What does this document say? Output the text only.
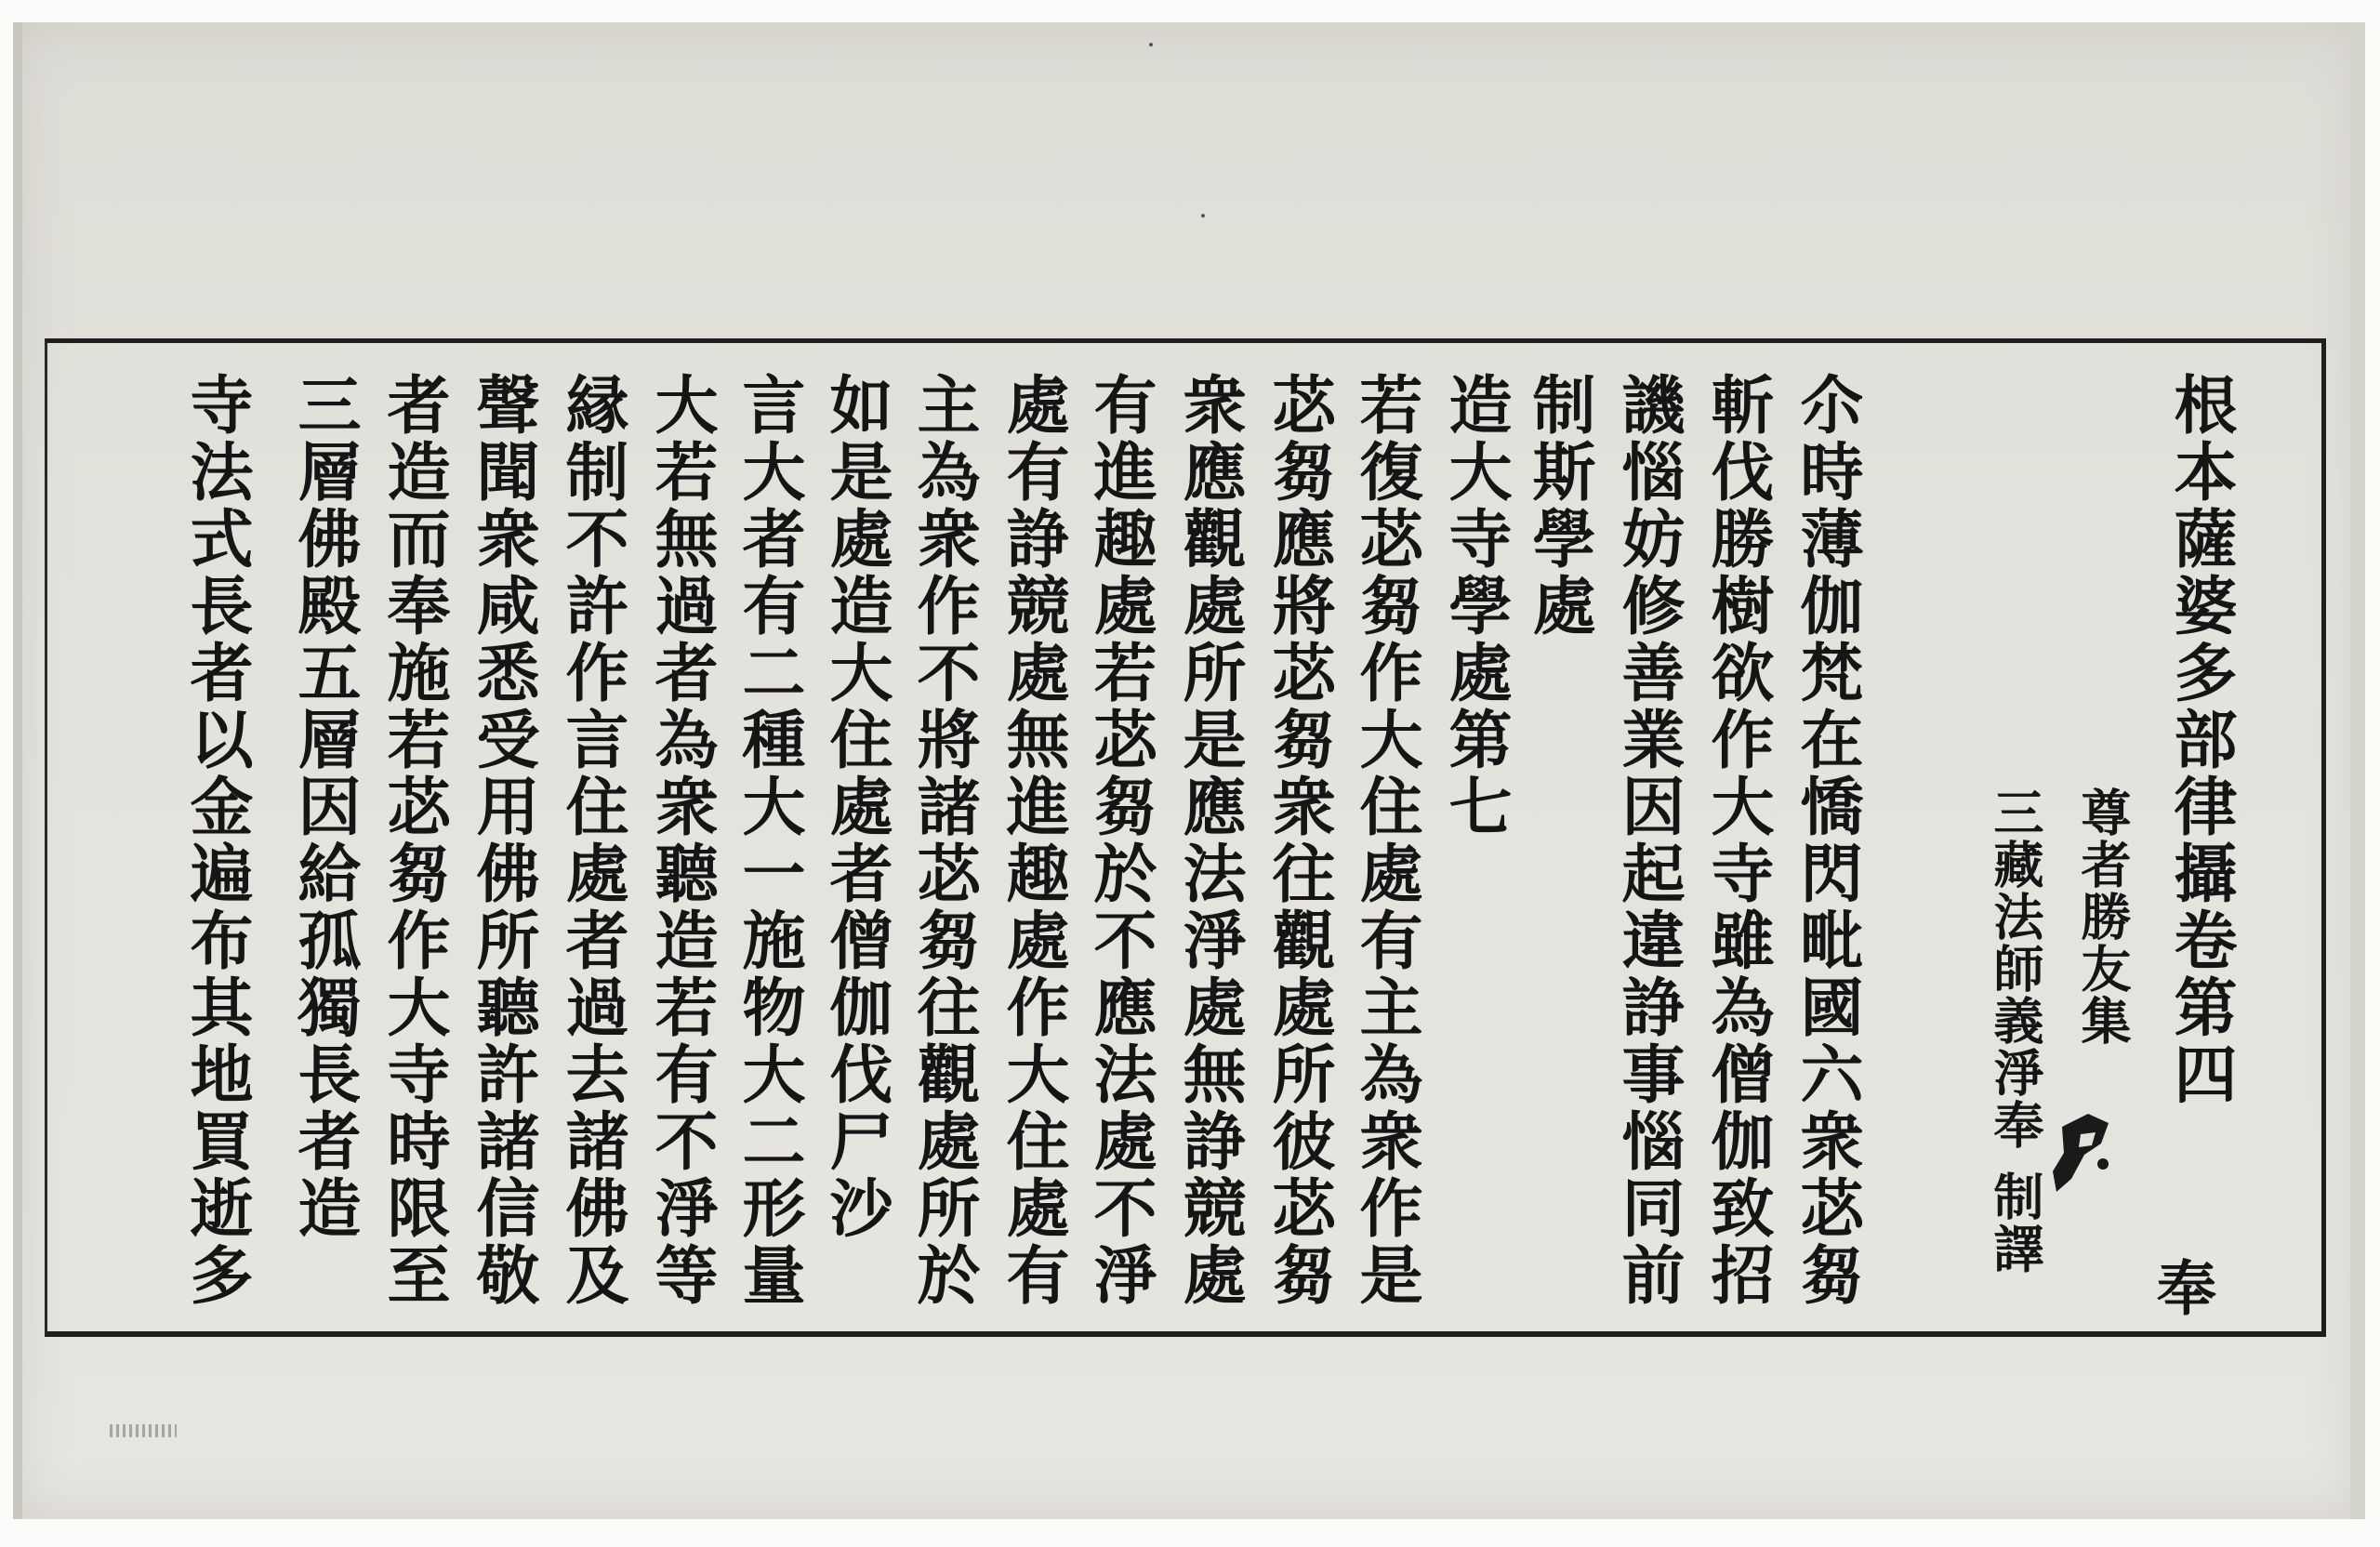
根本薩婆多部律攝卷第四
尊者勝友集
三藏法師義淨奉 制譯
尒時薄伽梵在憍閃毗國六衆苾芻
斬伐勝樹欲作大寺雖為僧伽致招
譏惱妨修善業因起違諍事惱同前
制斯學處
造大寺學處第七
若復苾芻作大住處有主為衆作是
苾芻應將苾芻衆往觀處所彼苾芻
衆應觀處所是應法淨處無諍競處
有進趣處若苾芻於不應法處不淨
處有諍競處無進趣處作大住處有
主為衆作不將諸苾芻往觀處所於
如是處造大住處者僧伽伐尸沙
言大者有二種大一施物大二形量
大若無過者為衆聽造若有不淨等
縁制不許作言住處者過去諸佛及
聲聞衆咸悉受用佛所聽許諸信敬
者造而奉施若苾芻作大寺時限至
三層佛殿五層因給孤獨長者造
寺法式長者以金遍布其地買逝多	奉
